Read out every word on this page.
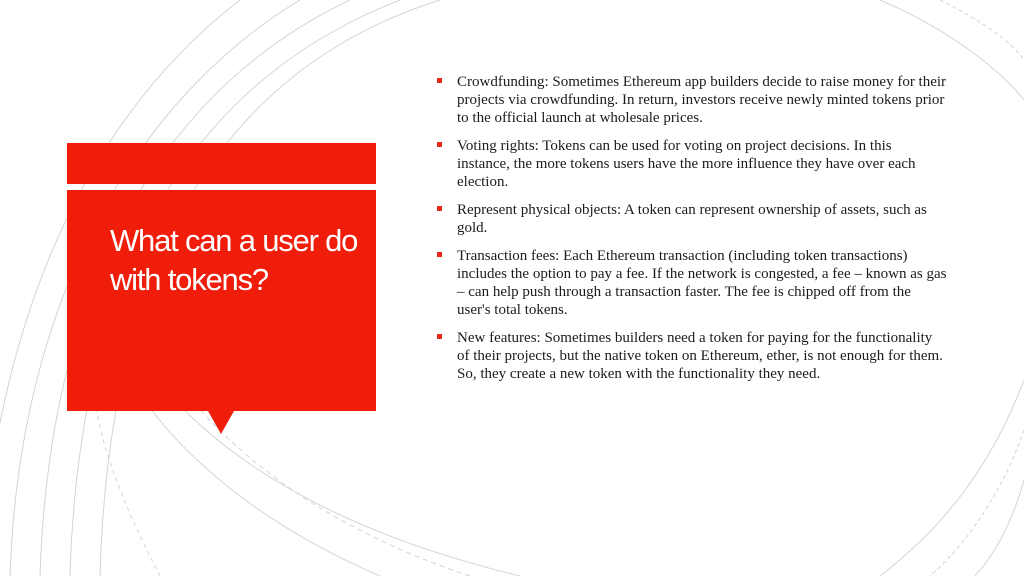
What can a user do with tokens?
Crowdfunding: Sometimes Ethereum app builders decide to raise money for their projects via crowdfunding. In return, investors receive newly minted tokens prior to the official launch at wholesale prices.
Voting rights: Tokens can be used for voting on project decisions. In this instance, the more tokens users have the more influence they have over each election.
Represent physical objects: A token can represent ownership of assets, such as gold.
Transaction fees: Each Ethereum transaction (including token transactions) includes the option to pay a fee. If the network is congested, a fee – known as gas – can help push through a transaction faster. The fee is chipped off from the user's total tokens.
New features: Sometimes builders need a token for paying for the functionality of their projects, but the native token on Ethereum, ether, is not enough for them. So, they create a new token with the functionality they need.
